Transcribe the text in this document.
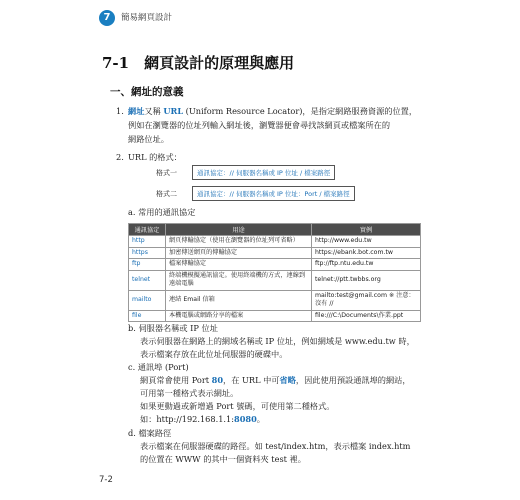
7	簡易網頁設計
7-1　網頁設計的原理與應用
一、網址的意義
1. 網址又稱 URL (Uniform Resource Locator)，是指定網路服務資源的位置，
例如在瀏覽器的位址列輸入網址後，瀏覽器便會尋找該網頁或檔案所在的
網路位址。
2. URL 的格式：
格式一	通訊協定：// 伺服器名稱或 IP 位址 / 檔案路徑
格式二	通訊協定：// 伺服器名稱或 IP 位址：Port / 檔案路徑
a. 常用的通訊協定
通訊協定	用途	實例
http	網頁傳輸協定（使用在瀏覽器的位址列可省略）	http://www.edu.tw
https	加密傳送網頁的傳輸協定	https://ebank.bot.com.tw
ftp	檔案傳輸協定	ftp://ftp.ntu.edu.tw
telnet	終端機模擬通訊協定。使用終端機的方式，連線到遠端電腦	telnet://ptt.twbbs.org
mailto	連結 Email 信箱	mailto:test@gmail.com ※ 注意：沒有 //
file	本機電腦或網路分享的檔案	file:///C:\Documents\作業.ppt
b. 伺服器名稱或 IP 位址
表示伺服器在網路上的網域名稱或 IP 位址，例如網域是 www.edu.tw 時，
表示檔案存放在此位址伺服器的硬碟中。
c. 通訊埠 (Port)
網頁常會使用 Port 80，在 URL 中可省略，因此使用預設通訊埠的網站，
可用第一種格式表示網址。
如果更動過或新增過 Port 號碼，可使用第二種格式。
如：http://192.168.1.1:8080。
d. 檔案路徑
表示檔案在伺服器硬碟的路徑。如 test/index.htm，表示檔案 index.htm
的位置在 WWW 的其中一個資料夾 test 裡。
7-2
